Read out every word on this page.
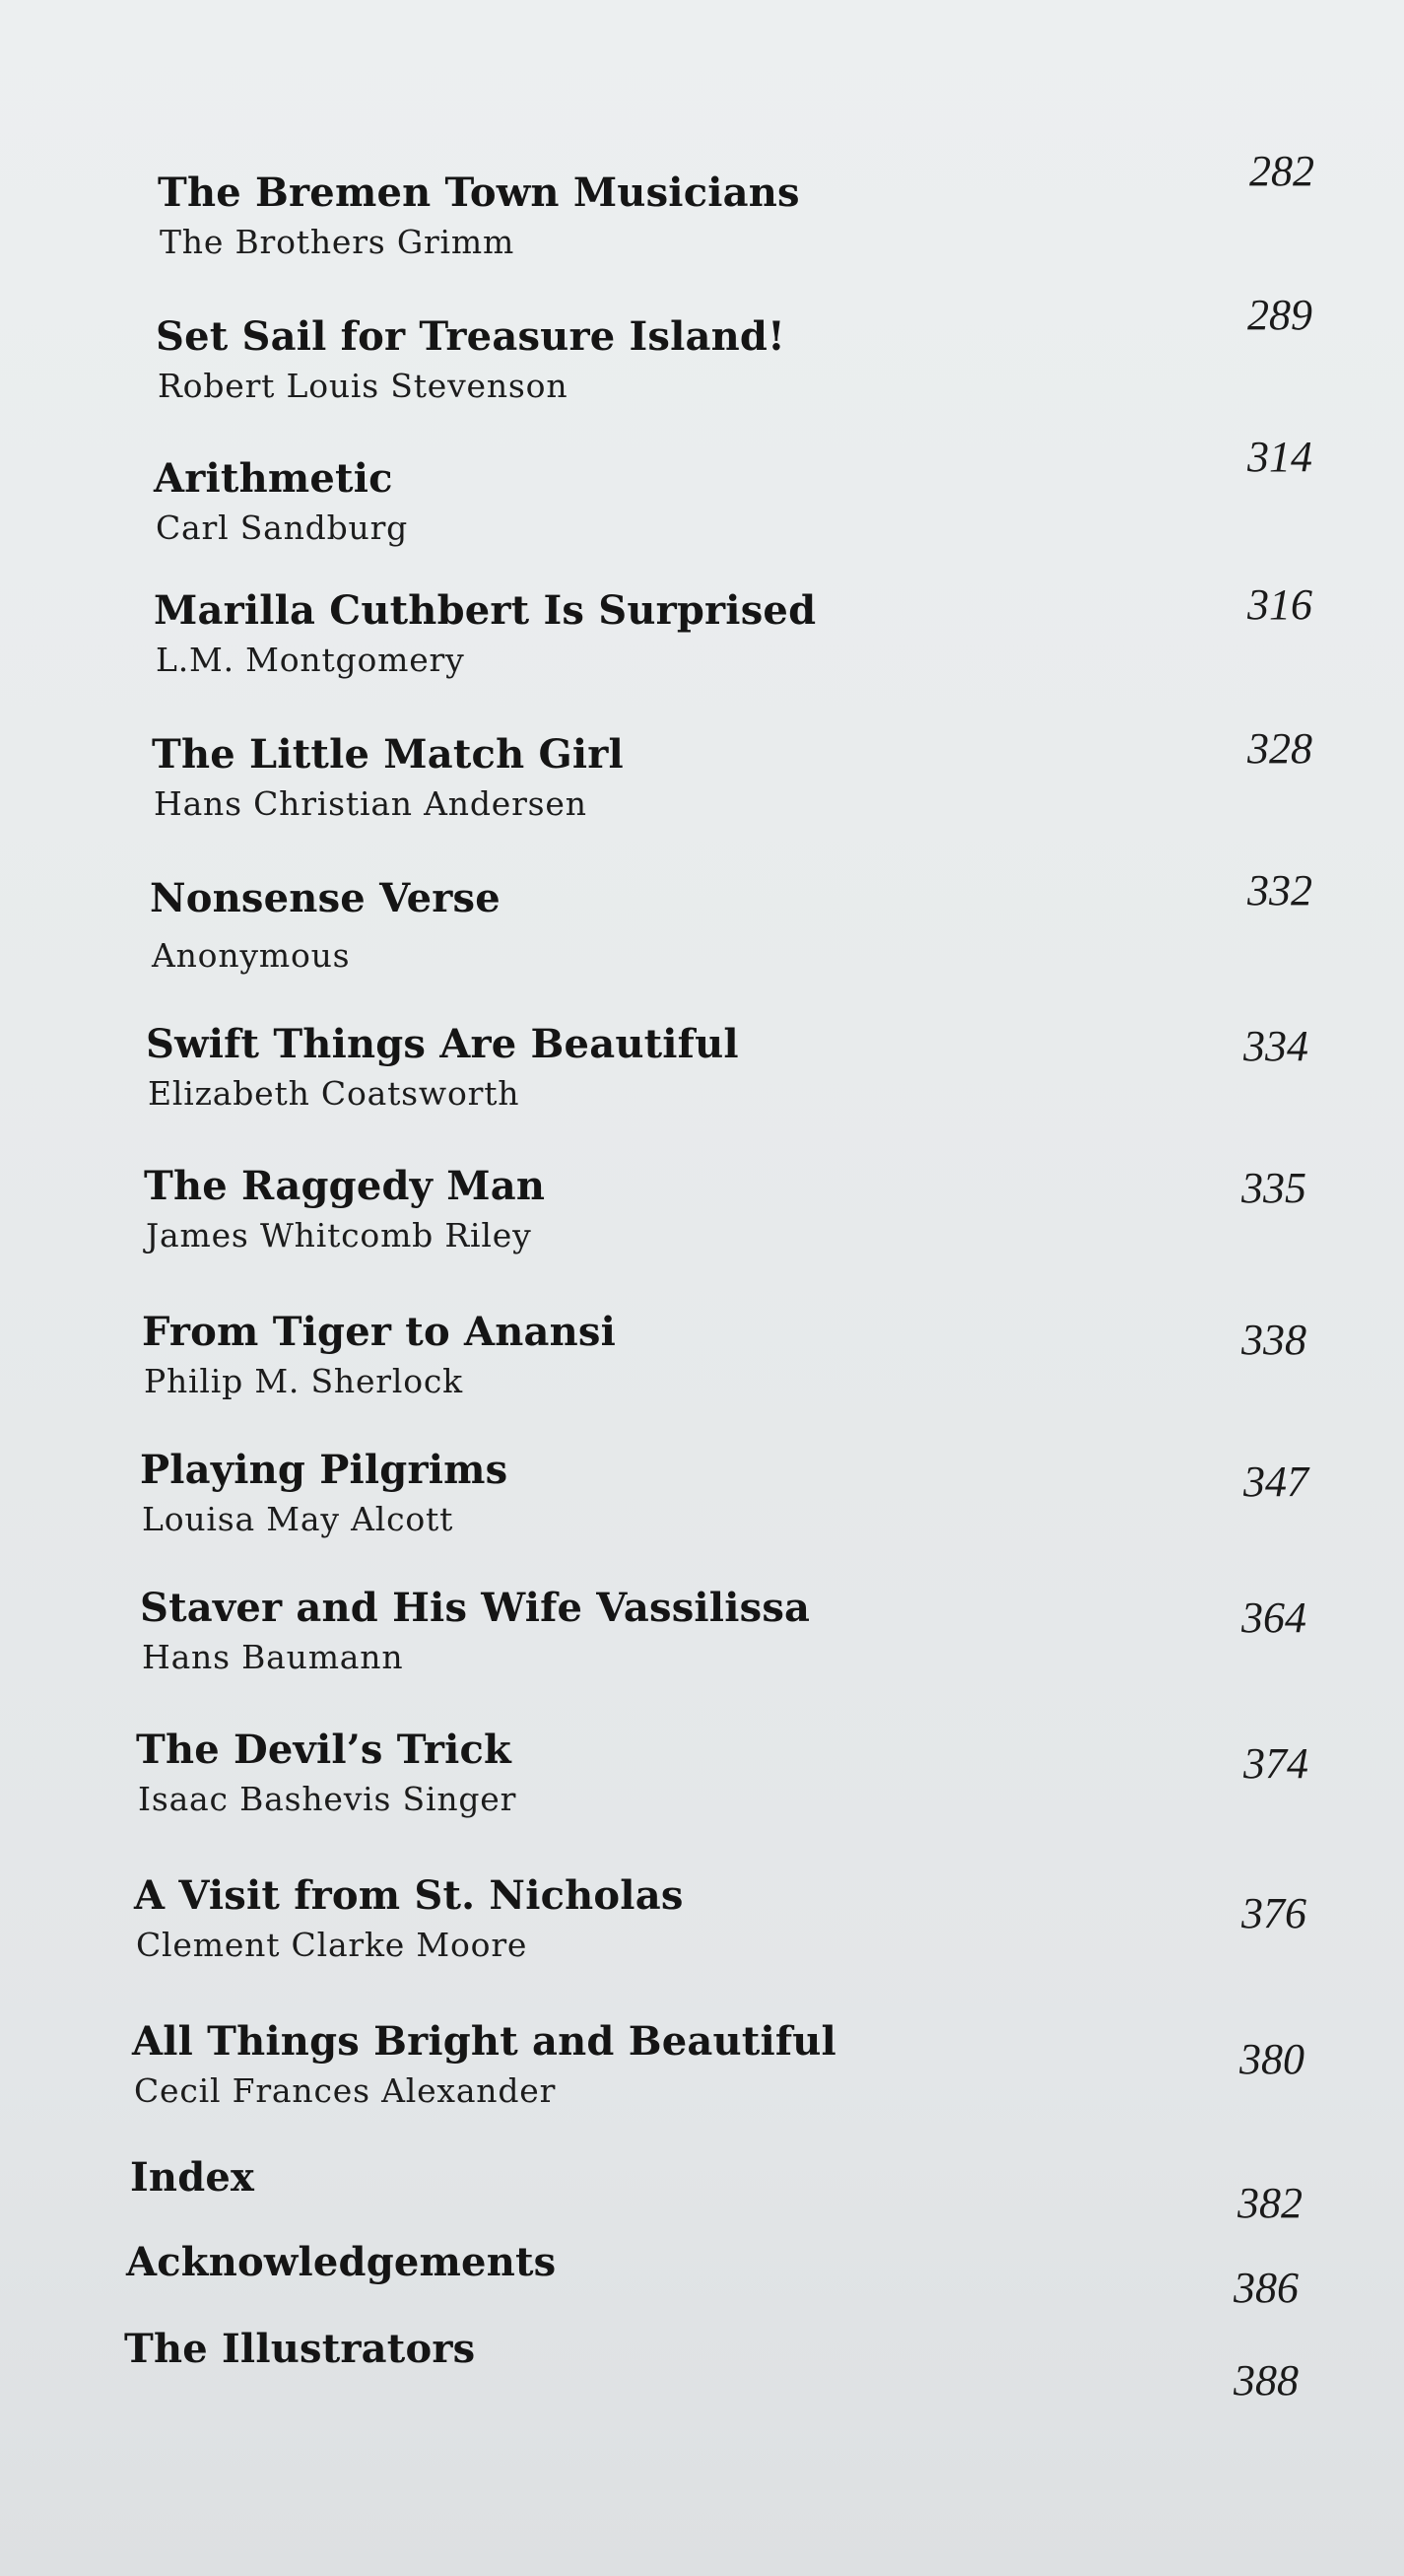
The Bremen Town Musicians
The Brothers Grimm
282
Set Sail for Treasure Island!
Robert Louis Stevenson
289
Arithmetic
Carl Sandburg
314
Marilla Cuthbert Is Surprised
L.M. Montgomery
316
The Little Match Girl
Hans Christian Andersen
328
Nonsense Verse
Anonymous
332
Swift Things Are Beautiful
Elizabeth Coatsworth
334
The Raggedy Man
James Whitcomb Riley
335
From Tiger to Anansi
Philip M. Sherlock
338
Playing Pilgrims
Louisa May Alcott
347
Staver and His Wife Vassilissa
Hans Baumann
364
The Devil’s Trick
Isaac Bashevis Singer
374
A Visit from St. Nicholas
Clement Clarke Moore
376
All Things Bright and Beautiful
Cecil Frances Alexander
380
Index
382
Acknowledgements
386
The Illustrators
388
